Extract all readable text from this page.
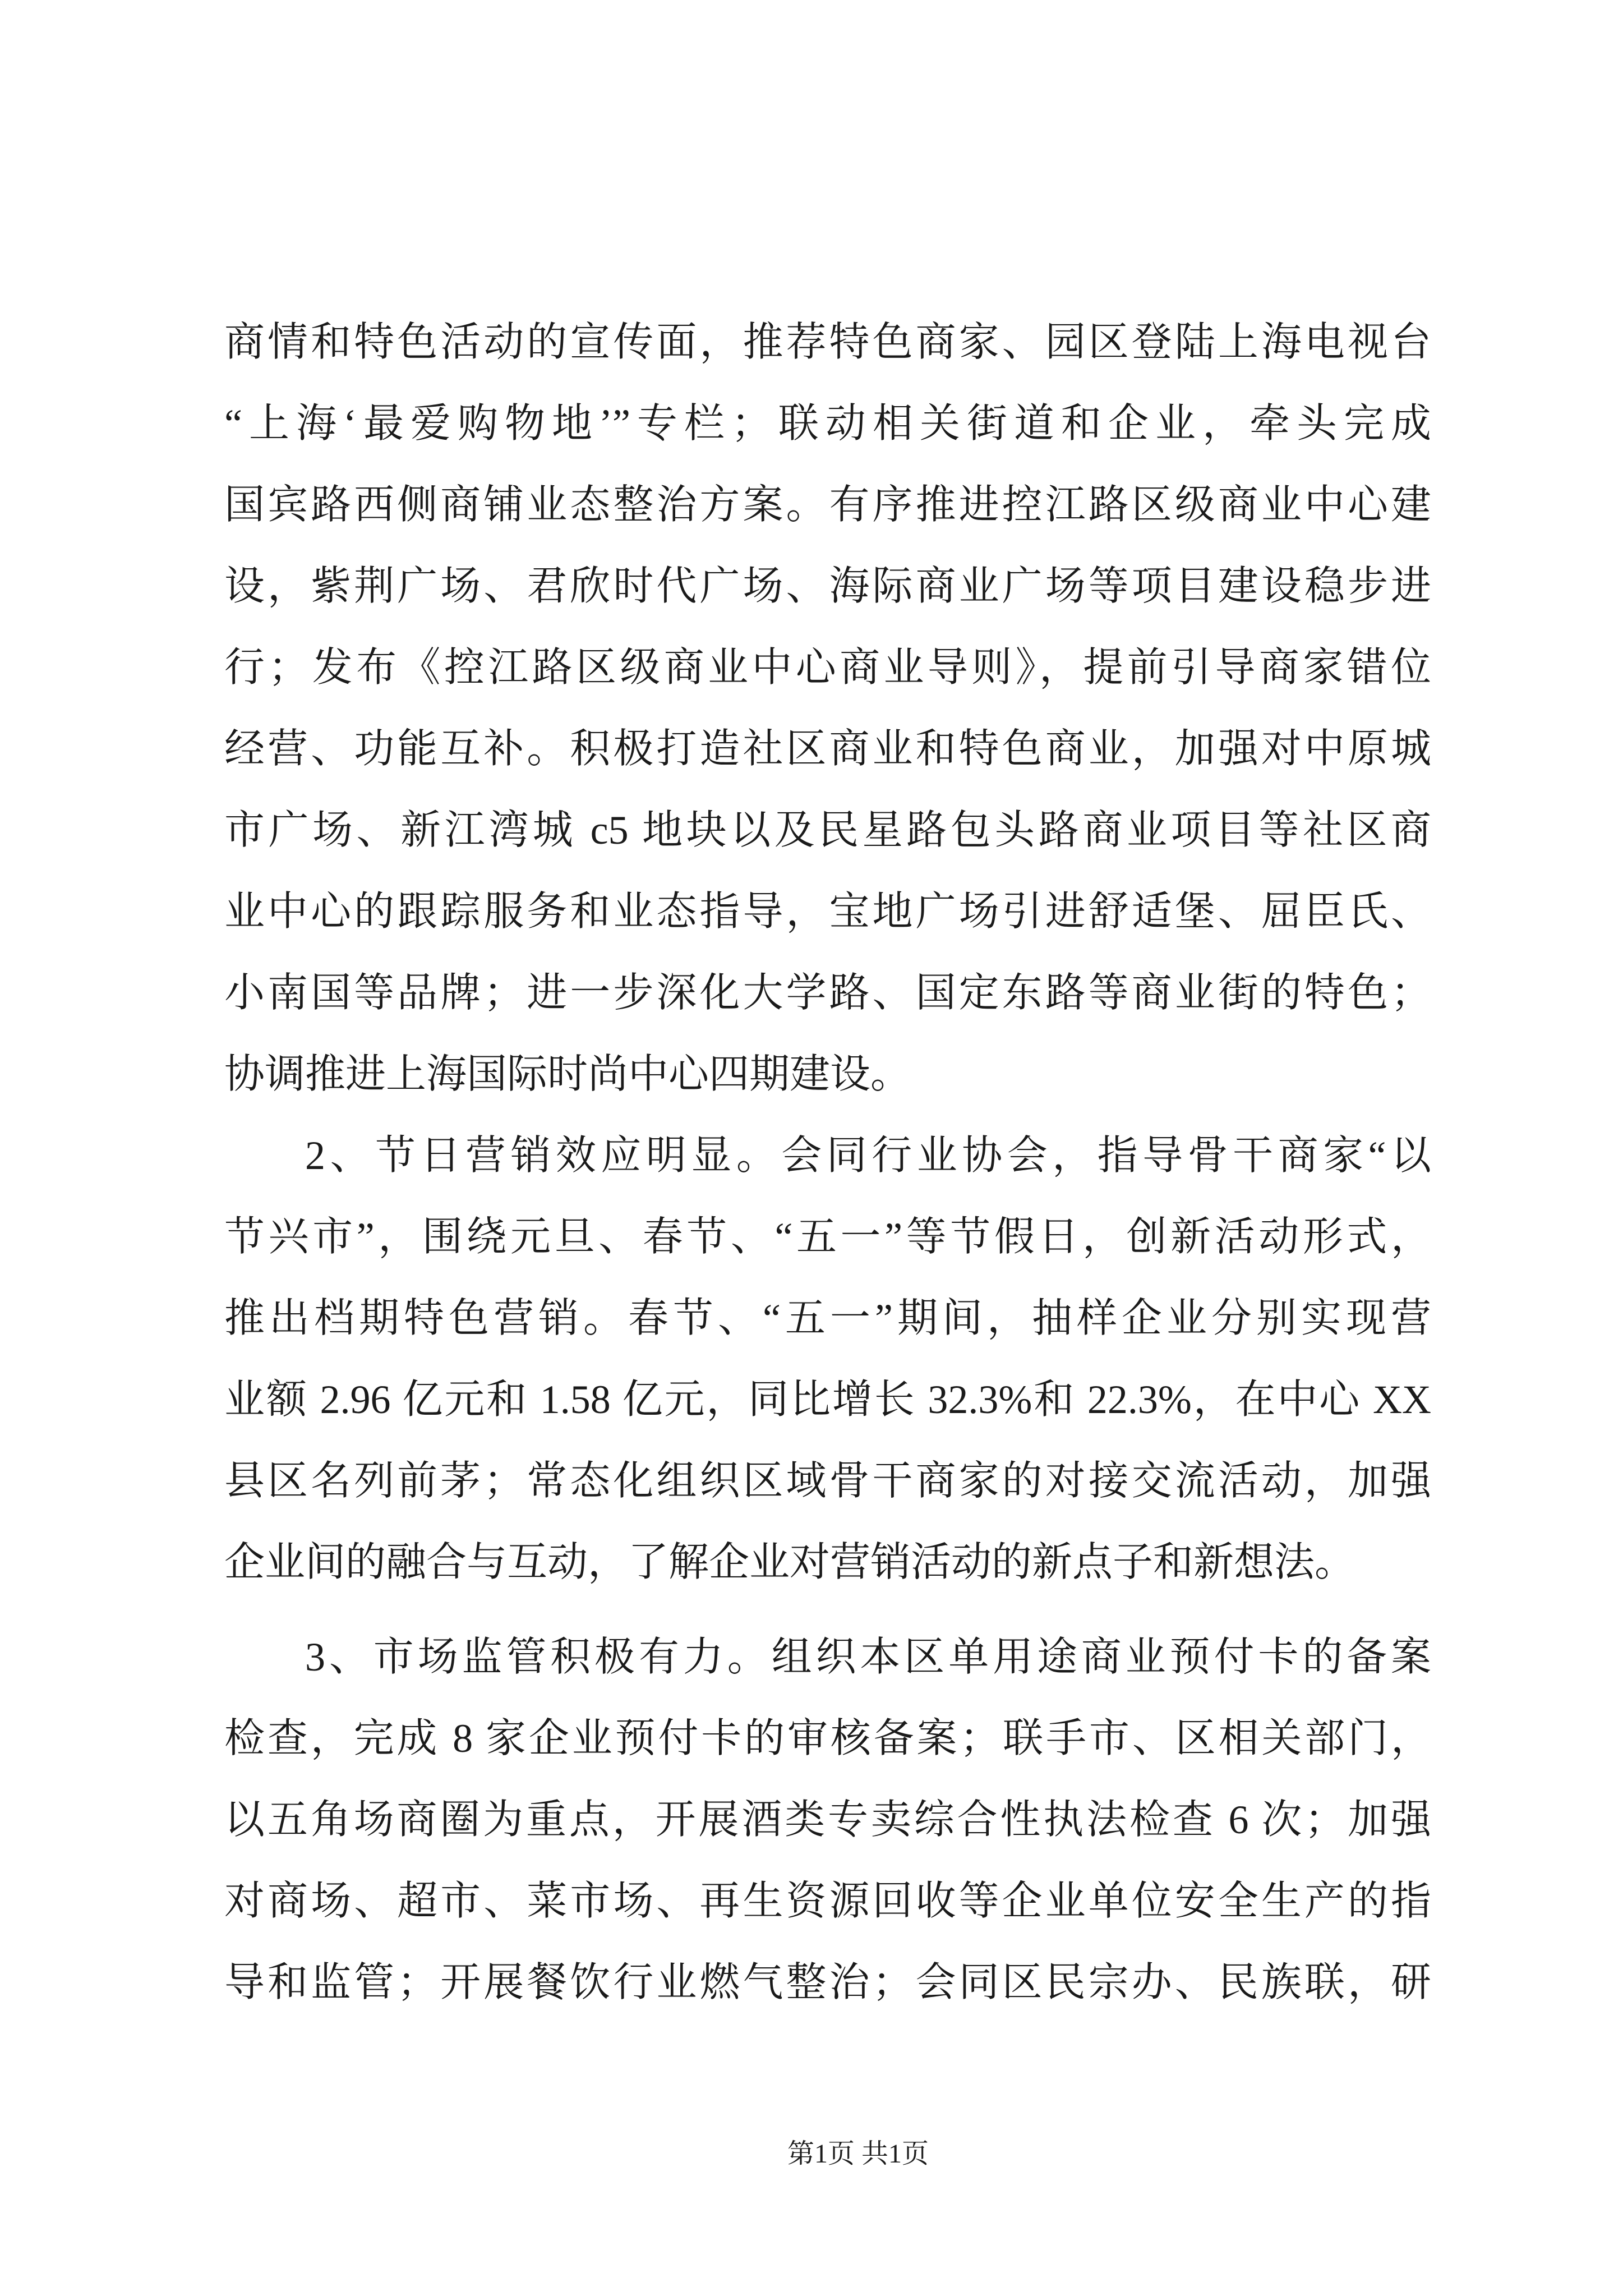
商情和特色活动的宣传面，推荐特色商家、园区登陆上海电视台
“上海‘最爱购物地’”专栏；联动相关街道和企业，牵头完成
国宾路西侧商铺业态整治方案。有序推进控江路区级商业中心建
设，紫荆广场、君欣时代广场、海际商业广场等项目建设稳步进
行；发布《控江路区级商业中心商业导则》，提前引导商家错位
经营、功能互补。积极打造社区商业和特色商业，加强对中原城
市广场、新江湾城 c5 地块以及民星路包头路商业项目等社区商
业中心的跟踪服务和业态指导，宝地广场引进舒适堡、屈臣氏、
小南国等品牌；进一步深化大学路、国定东路等商业街的特色；
协调推进上海国际时尚中心四期建设。
2、节日营销效应明显。会同行业协会，指导骨干商家“以
节兴市”，围绕元旦、春节、“五一”等节假日，创新活动形式，
推出档期特色营销。春节、“五一”期间，抽样企业分别实现营
业额 2.96 亿元和 1.58 亿元，同比增长 32.3%和 22.3%，在中心 XX
县区名列前茅；常态化组织区域骨干商家的对接交流活动，加强
企业间的融合与互动，了解企业对营销活动的新点子和新想法。
3、市场监管积极有力。组织本区单用途商业预付卡的备案
检查，完成 8 家企业预付卡的审核备案；联手市、区相关部门，
以五角场商圈为重点，开展酒类专卖综合性执法检查 6 次；加强
对商场、超市、菜市场、再生资源回收等企业单位安全生产的指
导和监管；开展餐饮行业燃气整治；会同区民宗办、民族联，研
第1页 共1页
